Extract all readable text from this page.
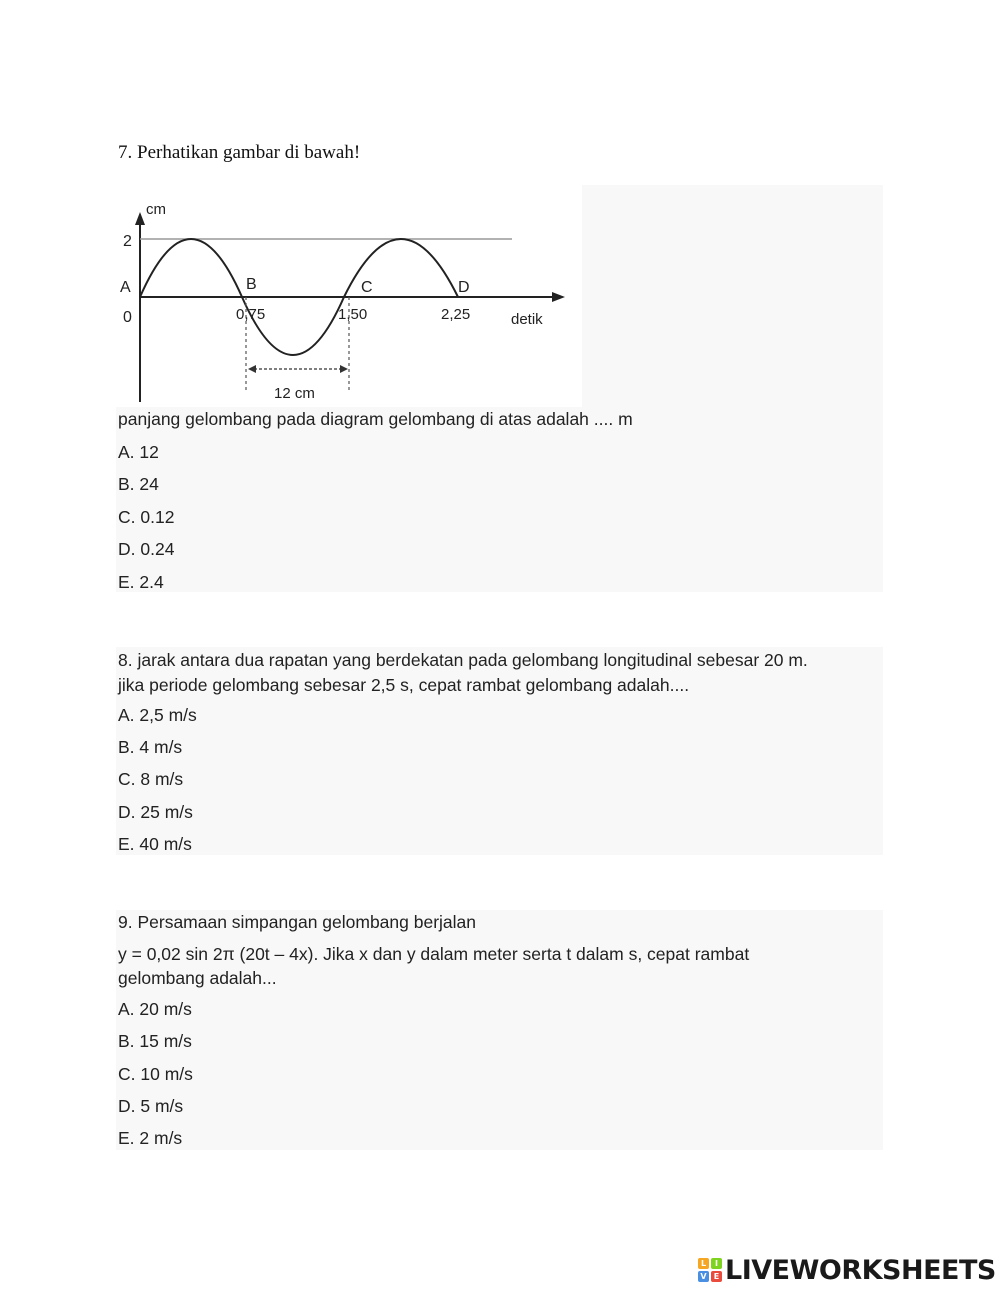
7. Perhatikan gambar di bawah!
cm
2
A
0
B	C	D
0,75	1,50	2,25	detik
12 cm
panjang gelombang pada diagram gelombang di atas adalah .... m
A. 12
B. 24
C. 0.12
D. 0.24
E. 2.4
8. jarak antara dua rapatan yang berdekatan pada gelombang longitudinal sebesar 20 m.
jika periode gelombang sebesar 2,5 s, cepat rambat gelombang adalah....
A. 2,5 m/s
B. 4 m/s
C. 8 m/s
D. 25 m/s
E. 40 m/s
9. Persamaan simpangan gelombang berjalan
y = 0,02 sin 2π (20t – 4x). Jika x dan y dalam meter serta t dalam s, cepat rambat
gelombang adalah...
A. 20 m/s
B. 15 m/s
C. 10 m/s
D. 5 m/s
E. 2 m/s
L	I
V E LIVEWORKSHEETS
